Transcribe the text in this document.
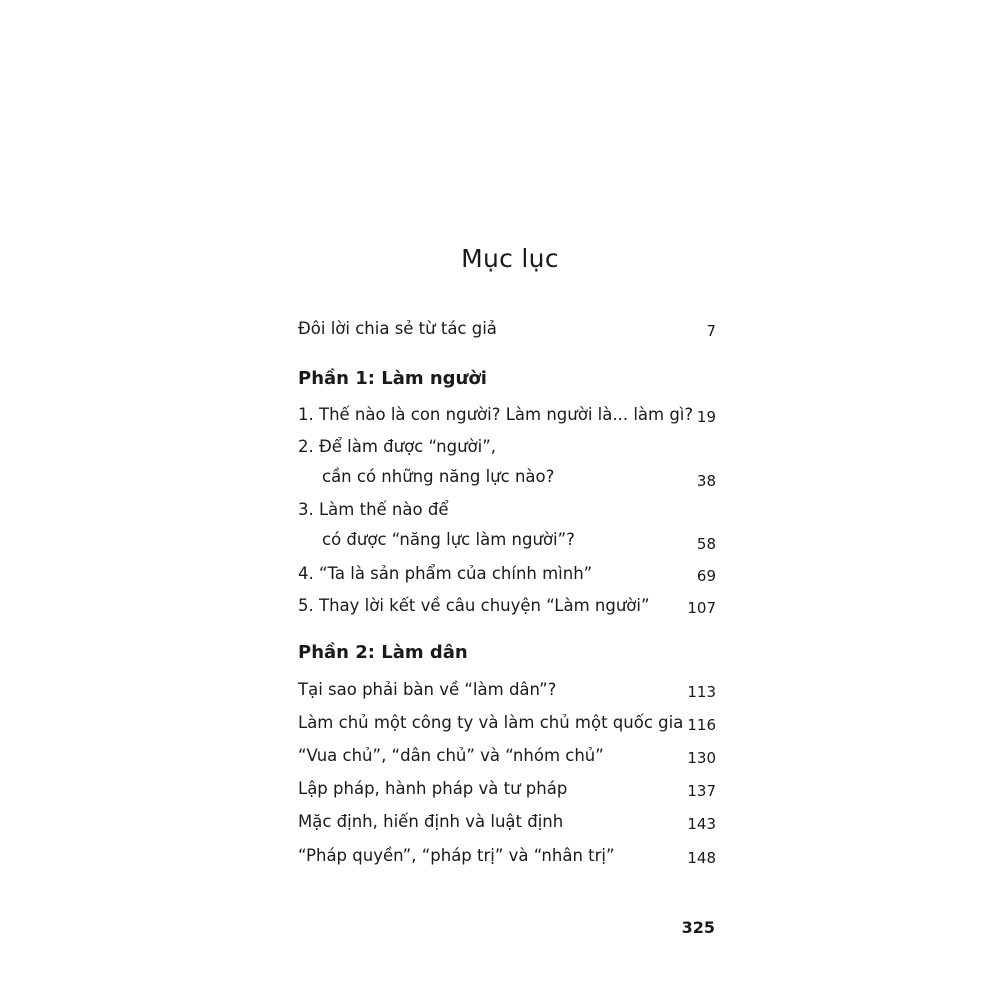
Mục lục
Đôi lời chia sẻ từ tác giả	7
Phần 1: Làm người
1. Thế nào là con người? Làm người là... làm gì? 19
2. Để làm được “người”,
cần có những năng lực nào?	38
3. Làm thế nào để
có được “năng lực làm người”?	58
4. “Ta là sản phẩm của chính mình”	69
5. Thay lời kết về câu chuyện “Làm người”	107
Phần 2: Làm dân
Tại sao phải bàn về “làm dân”?	113
Làm chủ một công ty và làm chủ một quốc gia 116
“Vua chủ”, “dân chủ” và “nhóm chủ”	130
Lập pháp, hành pháp và tư pháp	137
Mặc định, hiến định và luật định	143
“Pháp quyền”, “pháp trị” và “nhân trị”	148
325
